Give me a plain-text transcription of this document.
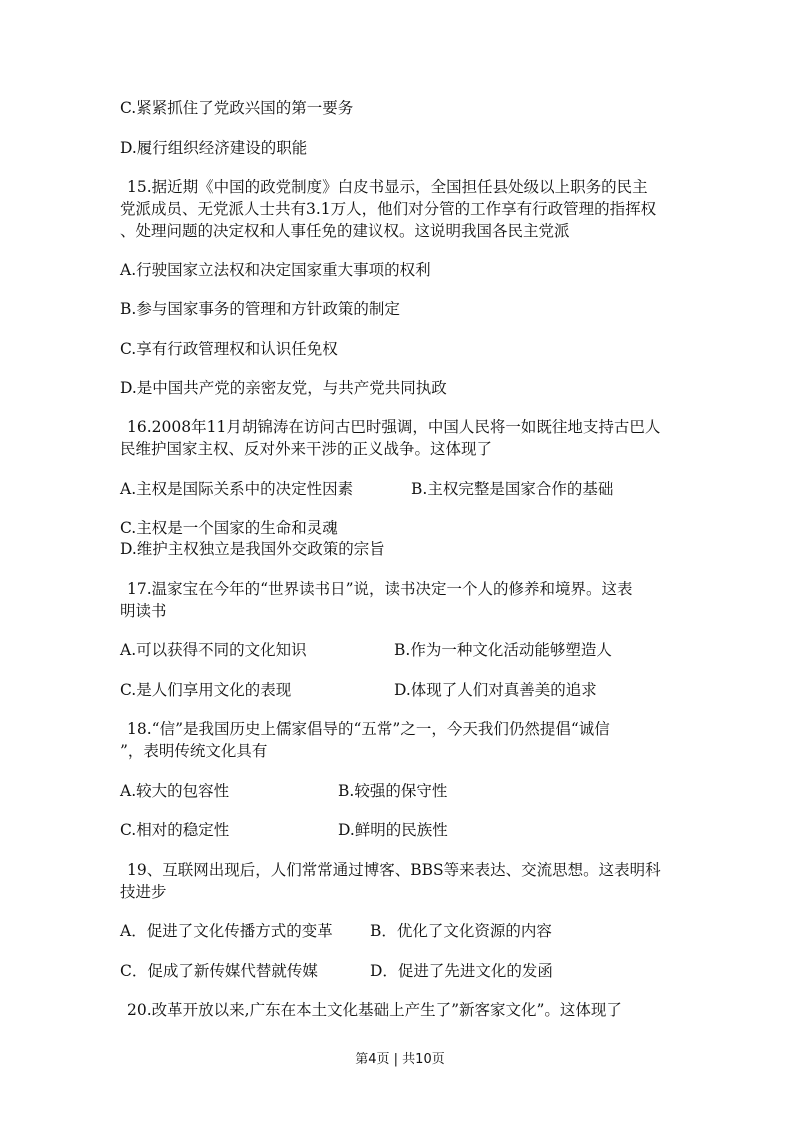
C.紧紧抓住了党政兴国的第一要务
D.履行组织经济建设的职能
15.据近期《中国的政党制度》白皮书显示，全国担任县处级以上职务的民主
党派成员、无党派人士共有3.1万人，他们对分管的工作享有行政管理的指挥权
、处理问题的决定权和人事任免的建议权。这说明我国各民主党派
A.行驶国家立法权和决定国家重大事项的权利
B.参与国家事务的管理和方针政策的制定
C.享有行政管理权和认识任免权
D.是中国共产党的亲密友党，与共产党共同执政
16.2008年11月胡锦涛在访问古巴时强调，中国人民将一如既往地支持古巴人
民维护国家主权、反对外来干涉的正义战争。这体现了
A.主权是国际关系中的决定性因素	B.主权完整是国家合作的基础
C.主权是一个国家的生命和灵魂
D.维护主权独立是我国外交政策的宗旨
17.温家宝在今年的“世界读书日”说，读书决定一个人的修养和境界。这表
明读书
A.可以获得不同的文化知识	B.作为一种文化活动能够塑造人
C.是人们享用文化的表现	D.体现了人们对真善美的追求
18.“信”是我国历史上儒家倡导的“五常”之一，今天我们仍然提倡“诚信
”，表明传统文化具有
A.较大的包容性	B.较强的保守性
C.相对的稳定性	D.鲜明的民族性
19、互联网出现后，人们常常通过博客、BBS等来表达、交流思想。这表明科
技进步
A．促进了文化传播方式的变革 B．优化了文化资源的内容
C．促成了新传媒代替就传媒	D．促进了先进文化的发函
20.改革开放以来,广东在本土文化基础上产生了”新客家文化”。这体现了
第4页 | 共10页
